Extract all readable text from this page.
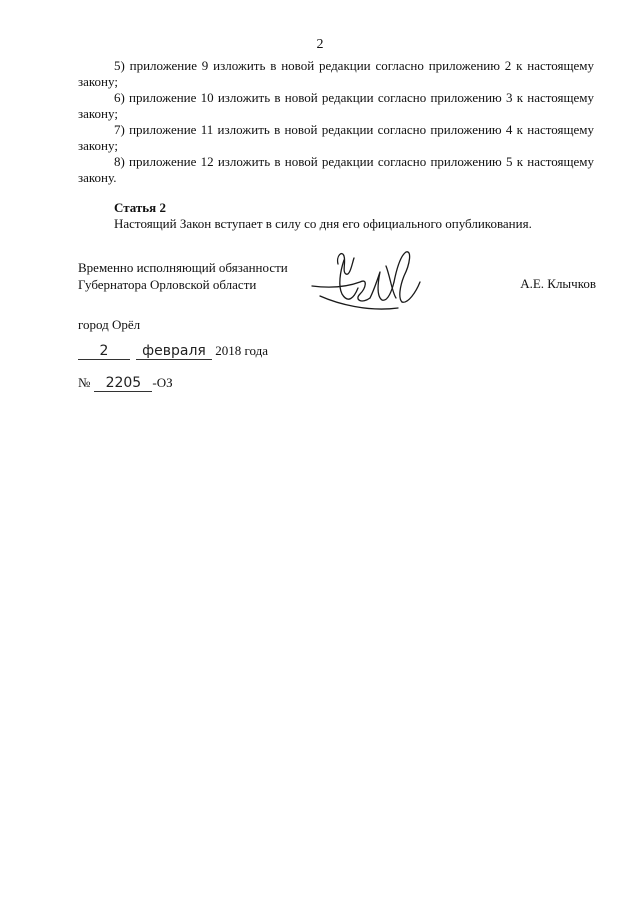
2

5) приложение 9 изложить в новой редакции согласно приложению 2 к настоящему закону;

6) приложение 10 изложить в новой редакции согласно приложению 3 к настоящему закону;

7) приложение 11 изложить в новой редакции согласно приложению 4 к настоящему закону;

8) приложение 12 изложить в новой редакции согласно приложению 5 к настоящему закону.

Статья 2

Настоящий Закон вступает в силу со дня его официального опубликования.

Временно исполняющий обязанности
Губернатора Орловской области	А.Е. Клычков
город Орёл
2 февраля 2018 года
№ 2205 -ОЗ
